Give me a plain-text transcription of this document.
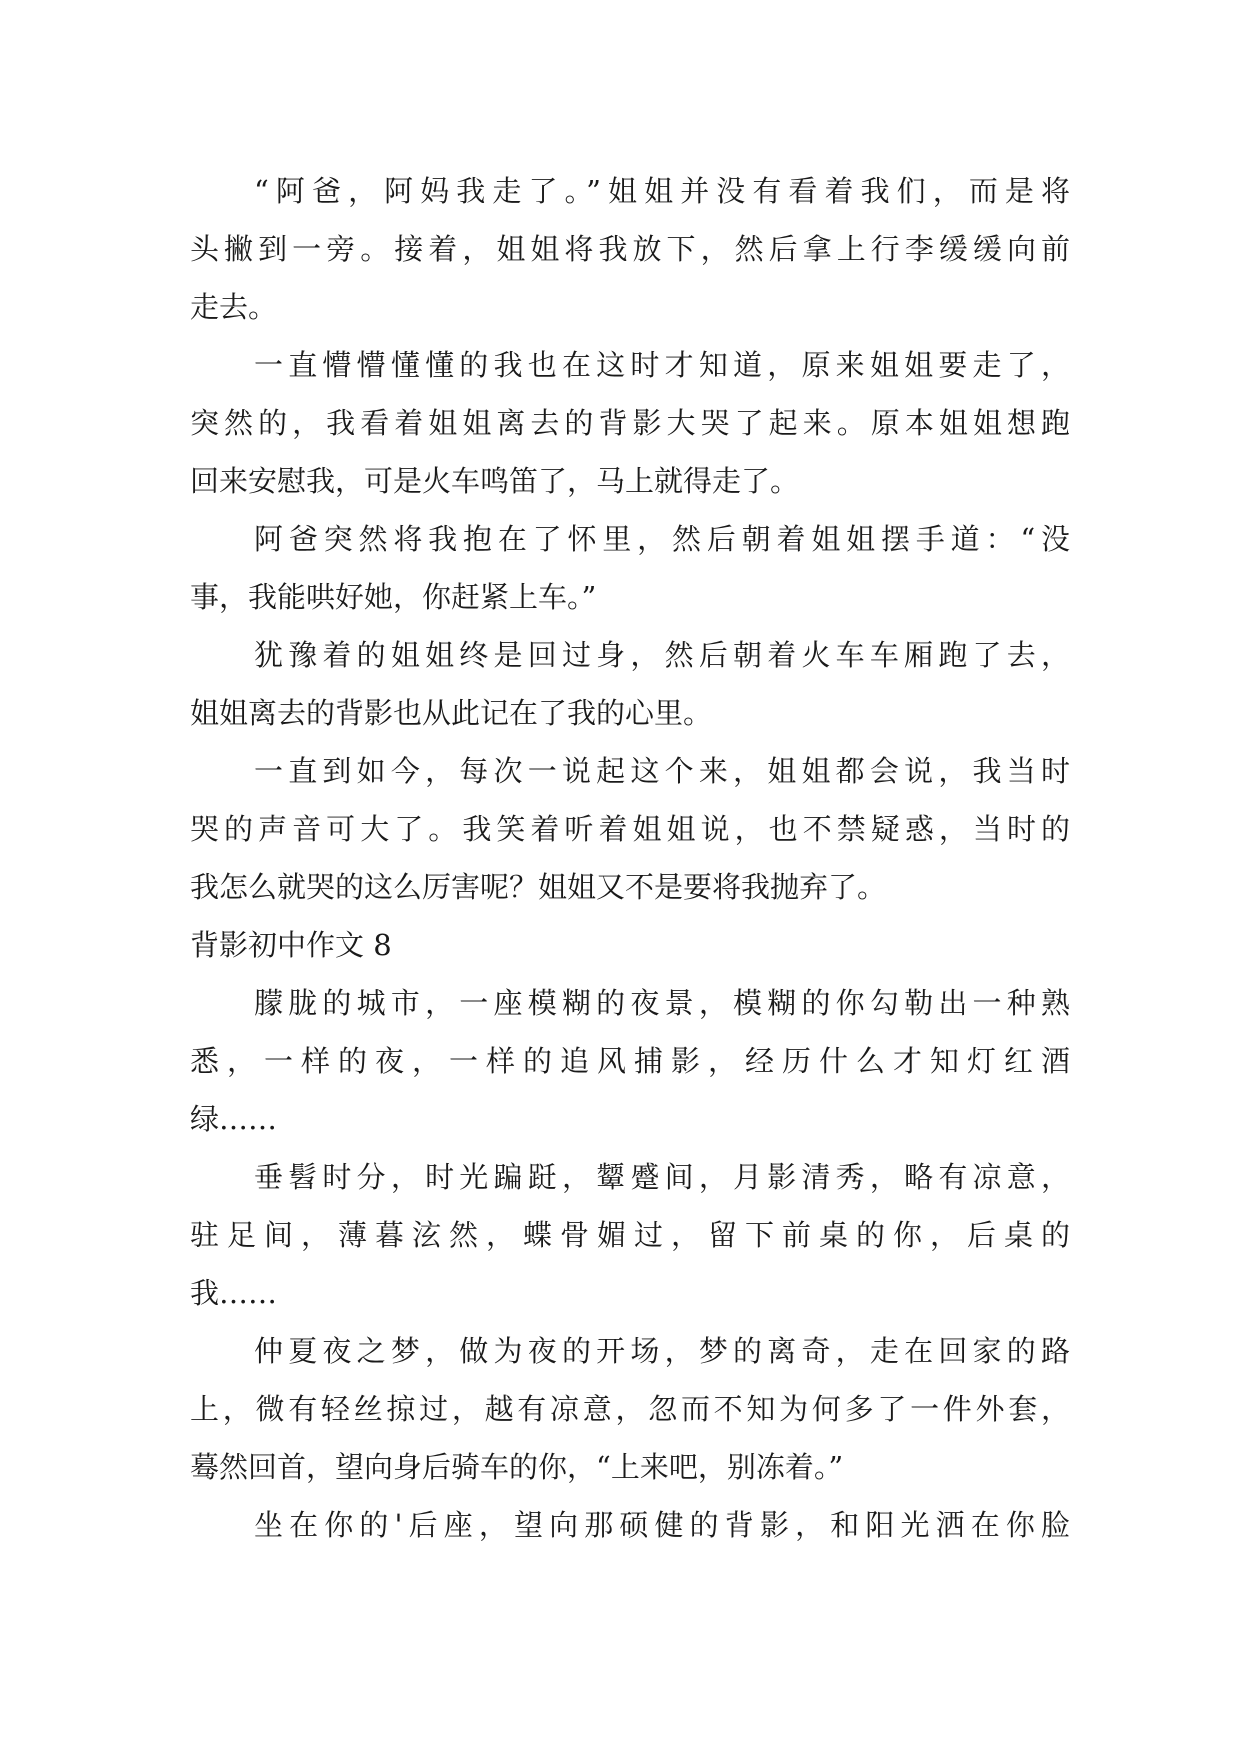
“阿爸，阿妈我走了。”姐姐并没有看着我们，而是将
头撇到一旁。接着，姐姐将我放下，然后拿上行李缓缓向前
走去。
一直懵懵懂懂的我也在这时才知道，原来姐姐要走了，
突然的，我看着姐姐离去的背影大哭了起来。原本姐姐想跑
回来安慰我，可是火车鸣笛了，马上就得走了。
阿爸突然将我抱在了怀里，然后朝着姐姐摆手道：“没
事，我能哄好她，你赶紧上车。”
犹豫着的姐姐终是回过身，然后朝着火车车厢跑了去，
姐姐离去的背影也从此记在了我的心里。
一直到如今，每次一说起这个来，姐姐都会说，我当时
哭的声音可大了。我笑着听着姐姐说，也不禁疑惑，当时的
我怎么就哭的这么厉害呢？姐姐又不是要将我抛弃了。
背影初中作文 8
朦胧的城市，一座模糊的夜景，模糊的你勾勒出一种熟
悉，一样的夜，一样的追风捕影，经历什么才知灯红酒
绿……
垂髫时分，时光蹁跹，颦蹙间，月影清秀，略有凉意，
驻足间，薄暮泫然，蝶骨媚过，留下前桌的你，后桌的
我……
仲夏夜之梦，做为夜的开场，梦的离奇，走在回家的路
上，微有轻丝掠过，越有凉意，忽而不知为何多了一件外套，
蓦然回首，望向身后骑车的你，“上来吧，别冻着。”
坐在你的'后座，望向那硕健的背影，和阳光洒在你脸
